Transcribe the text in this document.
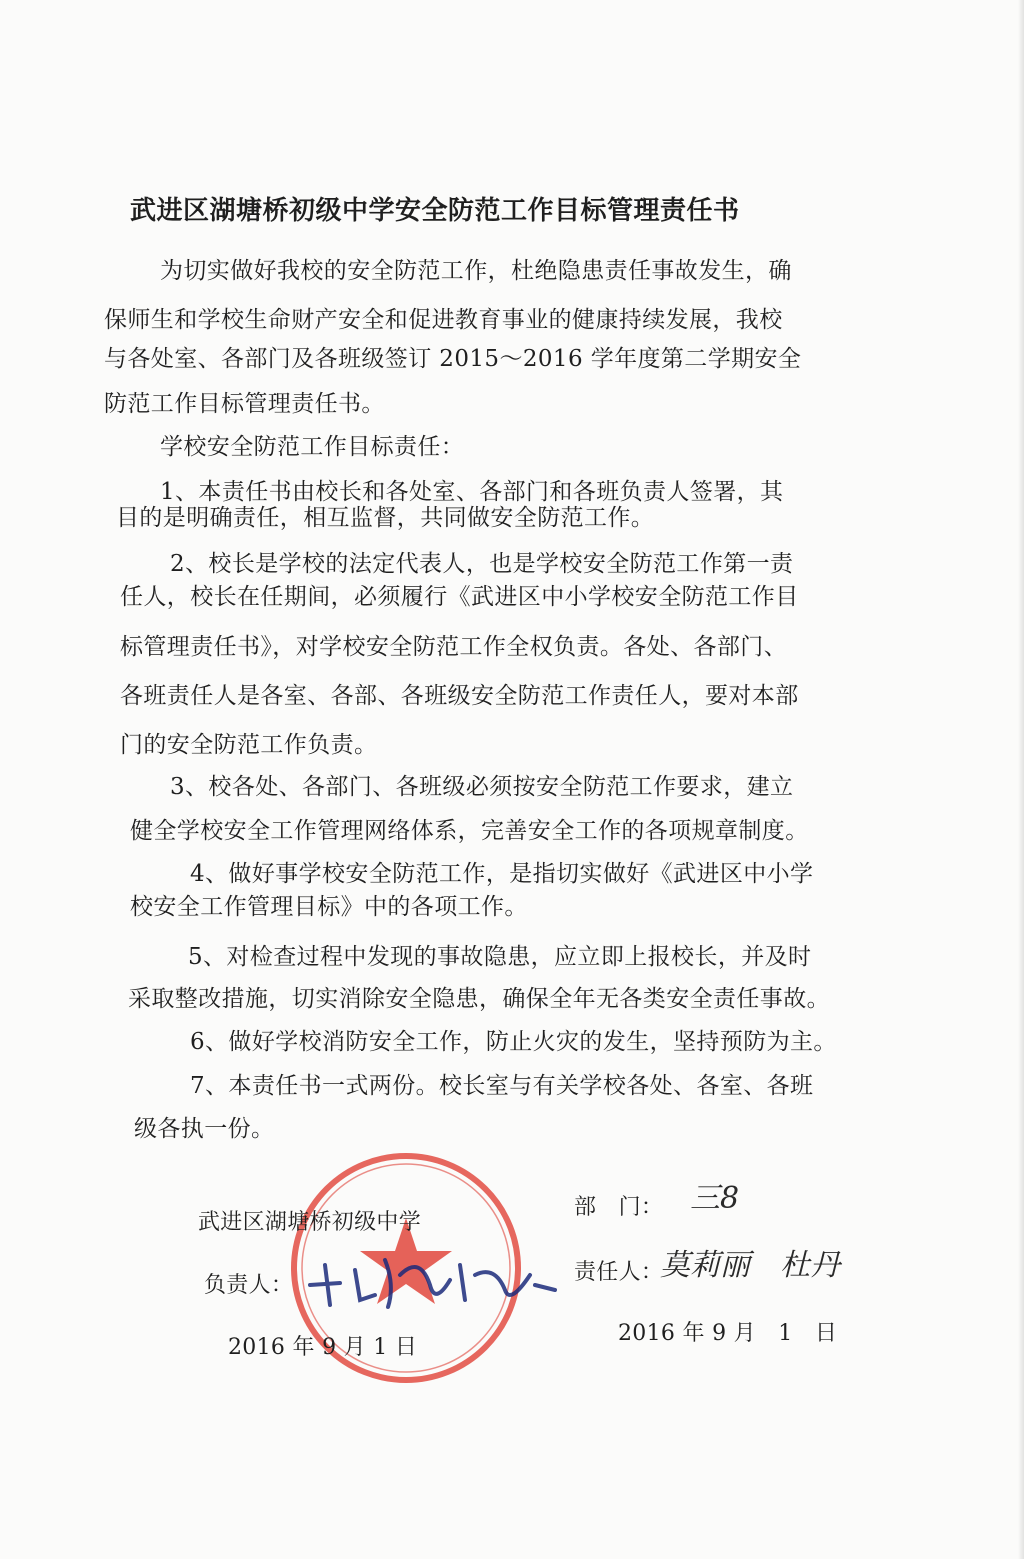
武进区湖塘桥初级中学安全防范工作目标管理责任书
为切实做好我校的安全防范工作，杜绝隐患责任事故发生，确
保师生和学校生命财产安全和促进教育事业的健康持续发展，我校
与各处室、各部门及各班级签订 2015～2016 学年度第二学期安全
防范工作目标管理责任书。
学校安全防范工作目标责任：
1、本责任书由校长和各处室、各部门和各班负责人签署，其
目的是明确责任，相互监督，共同做安全防范工作。
2、校长是学校的法定代表人，也是学校安全防范工作第一责
任人，校长在任期间，必须履行《武进区中小学校安全防范工作目
标管理责任书》，对学校安全防范工作全权负责。各处、各部门、
各班责任人是各室、各部、各班级安全防范工作责任人，要对本部
门的安全防范工作负责。
3、校各处、各部门、各班级必须按安全防范工作要求，建立
健全学校安全工作管理网络体系，完善安全工作的各项规章制度。
4、做好事学校安全防范工作，是指切实做好《武进区中小学
校安全工作管理目标》中的各项工作。
5、对检查过程中发现的事故隐患，应立即上报校长，并及时
采取整改措施，切实消除安全隐患，确保全年无各类安全责任事故。
6、做好学校消防安全工作，防止火灾的发生，坚持预防为主。
7、本责任书一式两份。校长室与有关学校各处、各室、各班
级各执一份。
武进区湖塘桥初级中学
负责人：
2016 年 9 月 1 日
部　门： 三8
责任人：
莫莉丽　杜丹
2016 年 9 月　1　日
